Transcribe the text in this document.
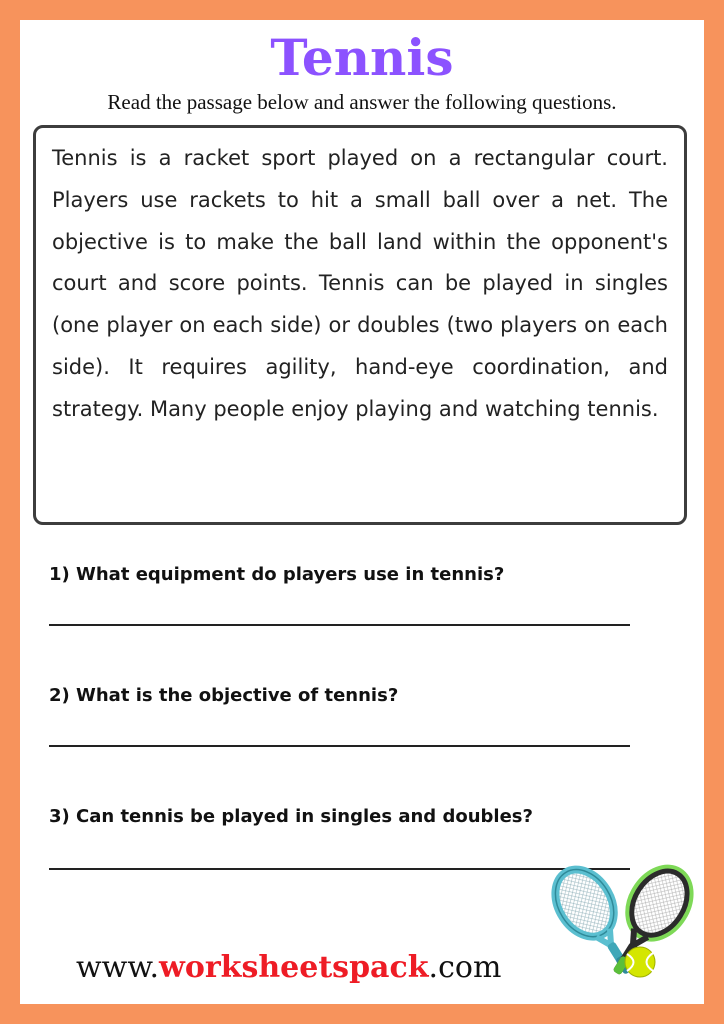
Tennis
Read the passage below and answer the following questions.

Tennis is a racket sport played on a rectangular court. Players use rackets to hit a small ball over a net. The objective is to make the ball land within the opponent's court and score points. Tennis can be played in singles (one player on each side) or doubles (two players on each side). It requires agility, hand-eye coordination, and strategy. Many people enjoy playing and watching tennis.

1) What equipment do players use in tennis?
2) What is the objective of tennis?
3) Can tennis be played in singles and doubles?
www.worksheetspack.com
